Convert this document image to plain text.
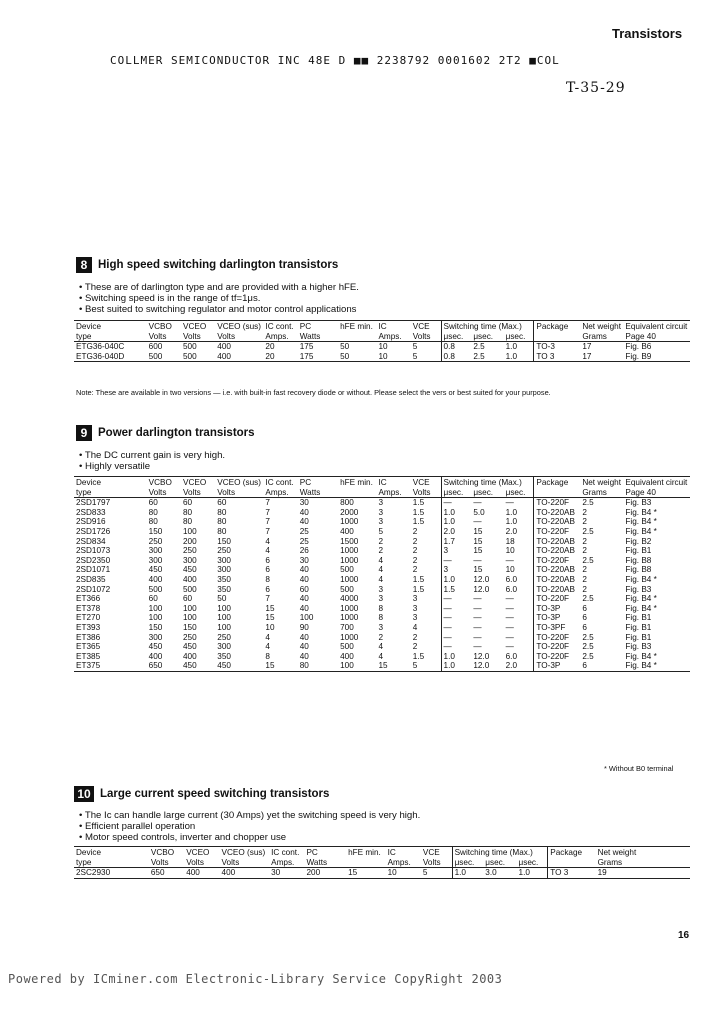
Transistors
COLLMER SEMICONDUCTOR INC 48E D ■■ 2238792 0001602 2T2 ■COL
T-35-29
8 High speed switching darlington transistors
• These are of darlington type and are provided with a higher hFE.
• Switching speed is in the range of tf=1μs.
• Best suited to switching regulator and motor control applications
Device	VCBO	VCEO	VCEO (sus)	IC cont.	PC	hFE min.	IC	VCE	Switching time (Max.)			Package	Net weight	Equivalent circuit
type	Volts	Volts	Volts	Amps.	Watts		Amps.	Volts	μsec.	μsec.	μsec.		Grams	Page 40
ETG36-040C	600	500	400	20	175	50	10	5	0.8	2.5	1.0	TO-3	17	Fig. B6
ETG36-040D	500	500	400	20	175	50	10	5	0.8	2.5	1.0	TO 3	17	Fig. B9
Note: These are available in two versions — i.e. with built-in fast recovery diode or without. Please select the vers or best suited for your purpose.
9 Power darlington transistors
• The DC current gain is very high.
• Highly versatile
Device	VCBO	VCEO	VCEO (sus)	IC cont.	PC	hFE min.	IC	VCE	Switching time (Max.)			Package	Net weight	Equivalent circuit
type	Volts	Volts	Volts	Amps.	Watts		Amps.	Volts	μsec.	μsec.	μsec.		Grams	Page 40
2SD1797	60	60	60	7	30	800	3	1.5	—	—	—	TO-220F	2.5	Fig. B3
2SD833	80	80	80	7	40	2000	3	1.5	1.0	5.0	1.0	TO-220AB	2	Fig. B4 *
2SD916	80	80	80	7	40	1000	3	1.5	1.0	—	1.0	TO-220AB	2	Fig. B4 *
2SD1726	150	100	80	7	25	400	5	2	2.0	15	2.0	TO-220F	2.5	Fig. B4 *
2SD834	250	200	150	4	25	1500	2	2	1.7	15	18	TO-220AB	2	Fig. B2
2SD1073	300	250	250	4	26	1000	2	2	3	15	10	TO-220AB	2	Fig. B1
2SD2350	300	300	300	6	30	1000	4	2	—	—	—	TO-220F	2.5	Fig. B8
2SD1071	450	450	300	6	40	500	4	2	3	15	10	TO-220AB	2	Fig. B8
2SD835	400	400	350	8	40	1000	4	1.5	1.0	12.0	6.0	TO-220AB	2	Fig. B4 *
2SD1072	500	500	350	6	60	500	3	1.5	1.5	12.0	6.0	TO-220AB	2	Fig. B3
ET366	60	60	50	7	40	4000	3	3	—	—	—	TO-220F	2.5	Fig. B4 *
ET378	100	100	100	15	40	1000	8	3	—	—	—	TO-3P	6	Fig. B4 *
ET270	100	100	100	15	100	1000	8	3	—	—	—	TO-3P	6	Fig. B1
ET393	150	150	100	10	90	700	3	4	—	—	—	TO-3PF	6	Fig. B1
ET386	300	250	250	4	40	1000	2	2	—	—	—	TO-220F	2.5	Fig. B1
ET365	450	450	300	4	40	500	4	2	—	—	—	TO-220F	2.5	Fig. B3
ET385	400	400	350	8	40	400	4	1.5	1.0	12.0	6.0	TO-220F	2.5	Fig. B4 *
ET375	650	450	450	15	80	100	15	5	1.0	12.0	2.0	TO-3P	6	Fig. B4 *
* Without B0 terminal
10 Large current speed switching transistors
• The Ic can handle large current (30 Amps) yet the switching speed is very high.
• Efficient parallel operation
• Motor speed controls, inverter and chopper use
Device	VCBO	VCEO	VCEO (sus)	IC cont.	PC	hFE min.	IC	VCE	Switching time (Max.)			Package	Net weight	
type	Volts	Volts	Volts	Amps.	Watts		Amps.	Volts	μsec.	μsec.	μsec.		Grams	
2SC2930	650	400	400	30	200	15	10	5	1.0	3.0	1.0	TO 3	19	
16
Powered by ICminer.com Electronic-Library Service CopyRight 2003
